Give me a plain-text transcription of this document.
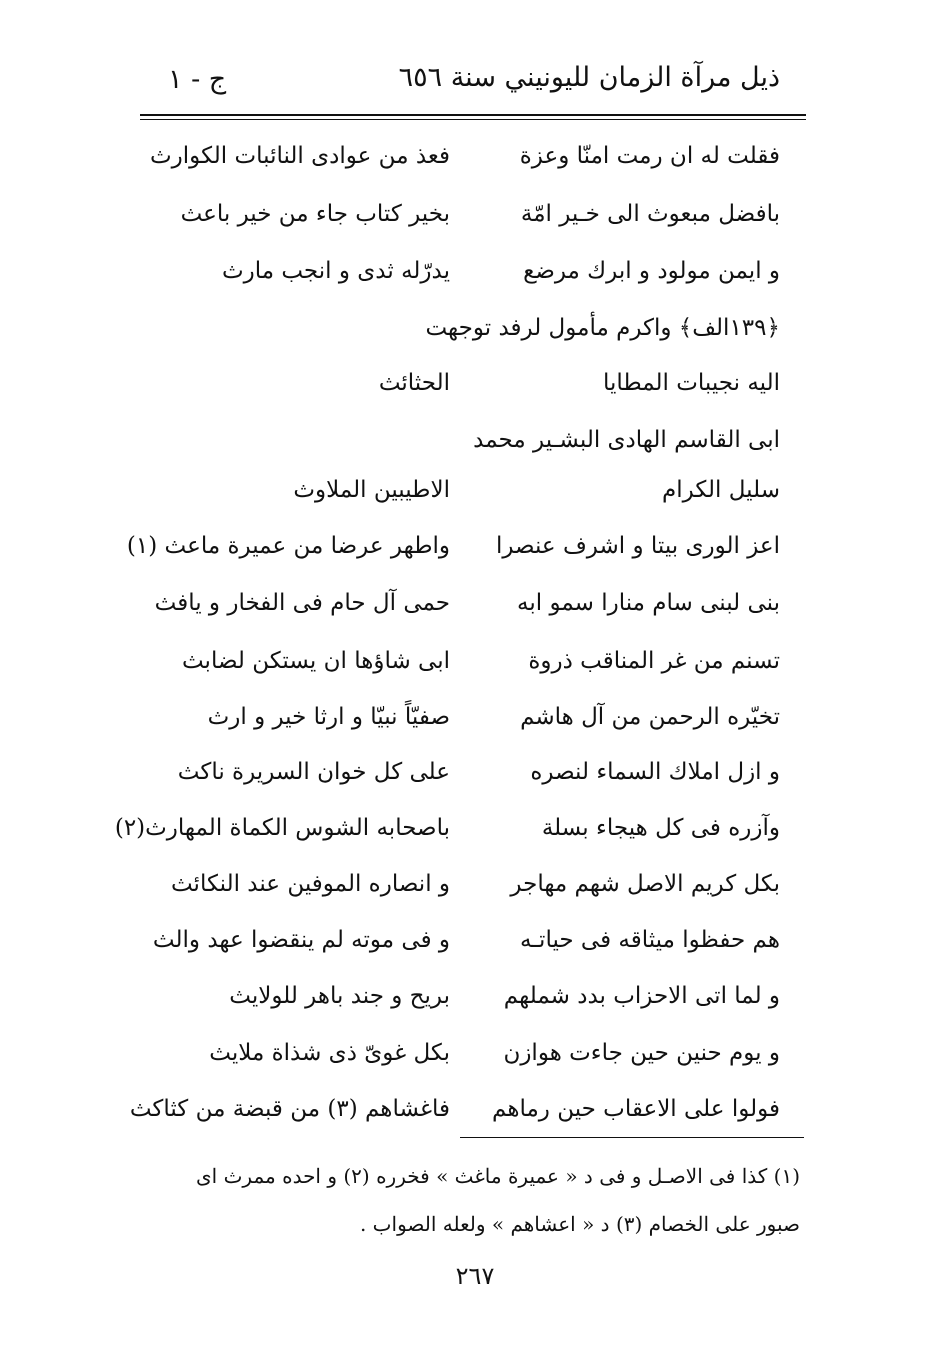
ذيل مرآة الزمان لليونيني سنة ٦٥٦
ج - ١
فقلت له ان رمت امنّا وعزة
فعذ من عوادى النائبات الكوارث
بافضل مبعوث الى خـير امّة
بخير كتاب جاء من خير باعث
و ايمن مولود و ابرك مرضع
يدرّله ثدى و انجب مارث
﴿١٣٩الف﴾ واكرم مأمول لرفد توجهت
اليه نجيبات المطايا
الحثائث
ابى القاسم الهادى البشـير محمد
سليل الكرام
الاطيبين الملاوث
اعز الورى بيتا و اشرف عنصرا
واطهر عرضا من عميرة ماعث (١)
بنى لبنى سام منارا سمو ابه
حمى آل حام فى الفخار و يافث
تسنم من غر المناقب ذروة
ابى شاؤها ان يستكن لضابث
تخيّره الرحمن من آل هاشم
صفيّاً نبيّا و ارثا خير و ارث
و ازل املاك السماء لنصره
على كل خوان السريرة ناكث
وآزره فى كل هيجاء بسلة
باصحابه الشوس الكماة المهارث(٢)
بكل كريم الاصل شهم مهاجر
و انصاره الموفين عند النكائث
هم حفظوا ميثاقه فى حياتـه
و فى موته لم ينقضوا عهد والث
و لما اتى الاحزاب بدد شملهم
بريح و جند باهر للولايث
و يوم حنين حين جاءت هوازن
بكل غوىّ ذى شذاة ملايث
فولوا على الاعقاب حين رماهم
فاغشاهم (٣) من قبضة من كثاكث
(١) كذا فى الاصـل و فى د « عميرة ماغث » فخرره (٢) و احده ممرث اى
صبور على الخصام (٣) د « اعشاهم » ولعله الصواب .
٢٦٧
